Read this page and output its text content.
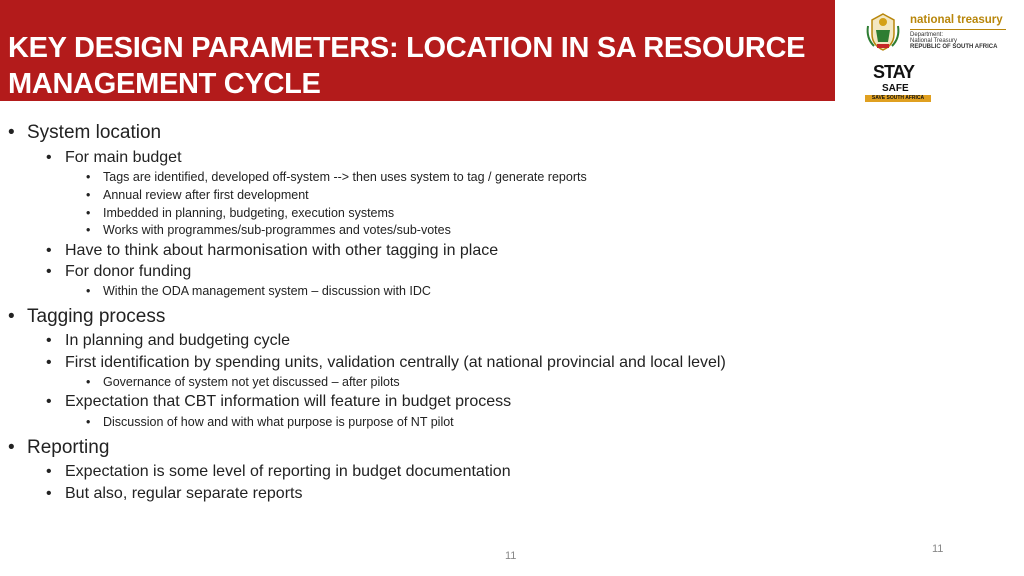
KEY DESIGN PARAMETERS: LOCATION IN SA RESOURCE MANAGEMENT CYCLE
national treasury
Department:
National Treasury
REPUBLIC OF SOUTH AFRICA
STAY
SAFE
SAVE SOUTH AFRICA
• System location
• For main budget
• Tags are identified, developed off-system --> then uses system to tag / generate reports
• Annual review after first development
• Imbedded in planning, budgeting, execution systems
• Works with programmes/sub-programmes and votes/sub-votes
• Have to think about harmonisation with other tagging in place
• For donor funding
• Within the ODA management system – discussion with IDC
• Tagging process
• In planning and budgeting cycle
• First identification by spending units, validation centrally (at national provincial and local level)
• Governance of system not yet discussed – after pilots
• Expectation that CBT information will feature in budget process
• Discussion of how and with what purpose is purpose of NT pilot
• Reporting
• Expectation is some level of reporting in budget documentation
• But also, regular separate reports
11
11
